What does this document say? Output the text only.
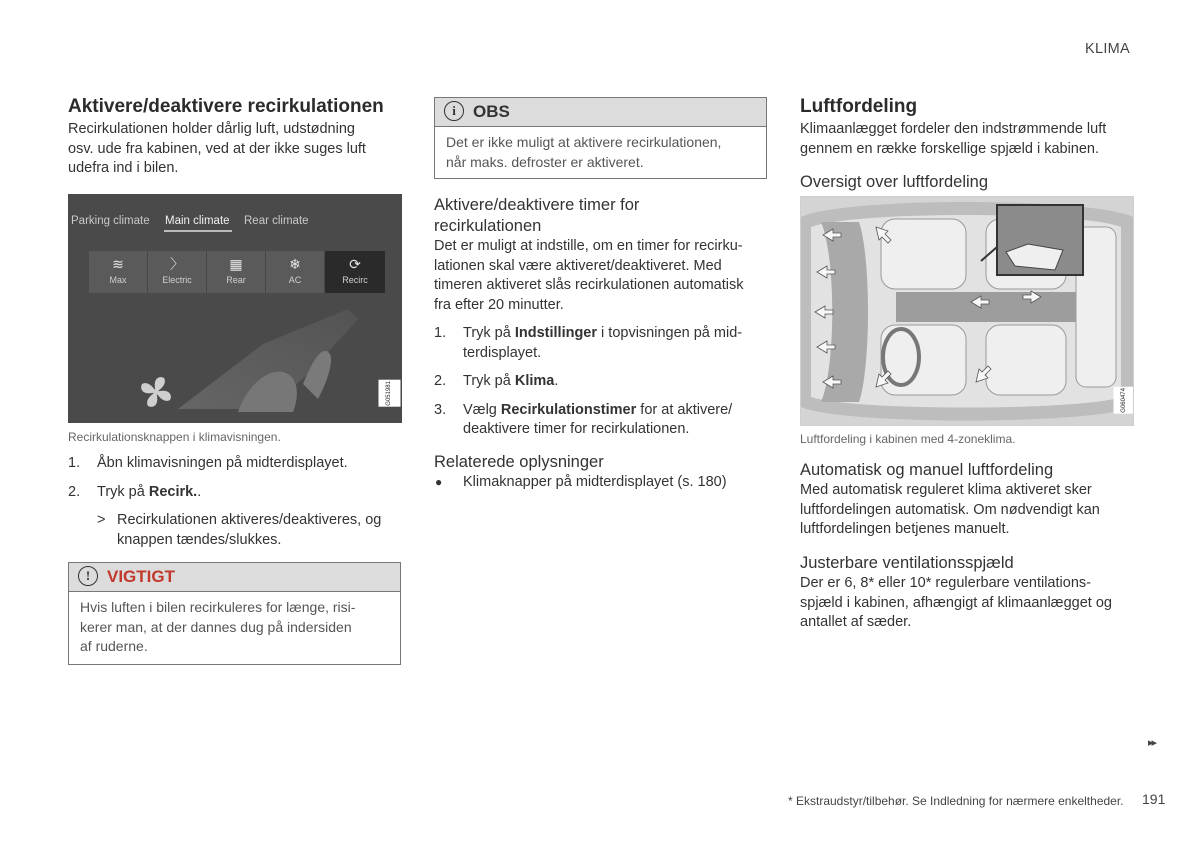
KLIMA
Aktivere/deaktivere recirkulationen

Recirkulationen holder dårlig luft, udstødning

osv. ude fra kabinen, ved at der ikke suges luft

udefra ind i bilen.

Parking climate Main climate Rear climate
≋
Max
〉
Electric
▦
Rear
❄
AC
⟳
Recirc
G051981
Recirkulationsknappen i klimavisningen.
1. Åbn klimavisningen på midterdisplayet.
2. Tryk på Recirk..
> Recirkulationen aktiveres/deaktiveres, og

knappen tændes/slukkes.

! VIGTIGT

Hvis luften i bilen recirkuleres for længe, risi-

kerer man, at der dannes dug på indersiden

af ruderne.

i	OBS

Det er ikke muligt at aktivere recirkulationen,

når maks. defroster er aktiveret.

Aktivere/deaktivere timer for

recirkulationen

Det er muligt at indstille, om en timer for recirku-

lationen skal være aktiveret/deaktiveret. Med

timeren aktiveret slås recirkulationen automatisk

fra efter 20 minutter.

1. Tryk på Indstillinger i topvisningen på mid-

terdisplayet.

2. Tryk på Klima.
3. Vælg Recirkulationstimer for at aktivere/

deaktivere timer for recirkulationen.

Relaterede oplysninger
● Klimaknapper på midterdisplayet (s. 180)
Luftfordeling

Klimaanlægget fordeler den indstrømmende luft

gennem en række forskellige spjæld i kabinen.

Oversigt over luftfordeling
G060474
Luftfordeling i kabinen med 4-zoneklima.
Automatisk og manuel luftfordeling

Med automatisk reguleret klima aktiveret sker

luftfordelingen automatisk. Om nødvendigt kan

luftfordelingen betjenes manuelt.

Justerbare ventilationsspjæld

Der er 6, 8* eller 10* regulerbare ventilations-

spjæld i kabinen, afhængigt af klimaanlægget og

antallet af sæder.

▸▸
* Ekstraudstyr/tilbehør. Se Indledning for nærmere enkeltheder. 191
